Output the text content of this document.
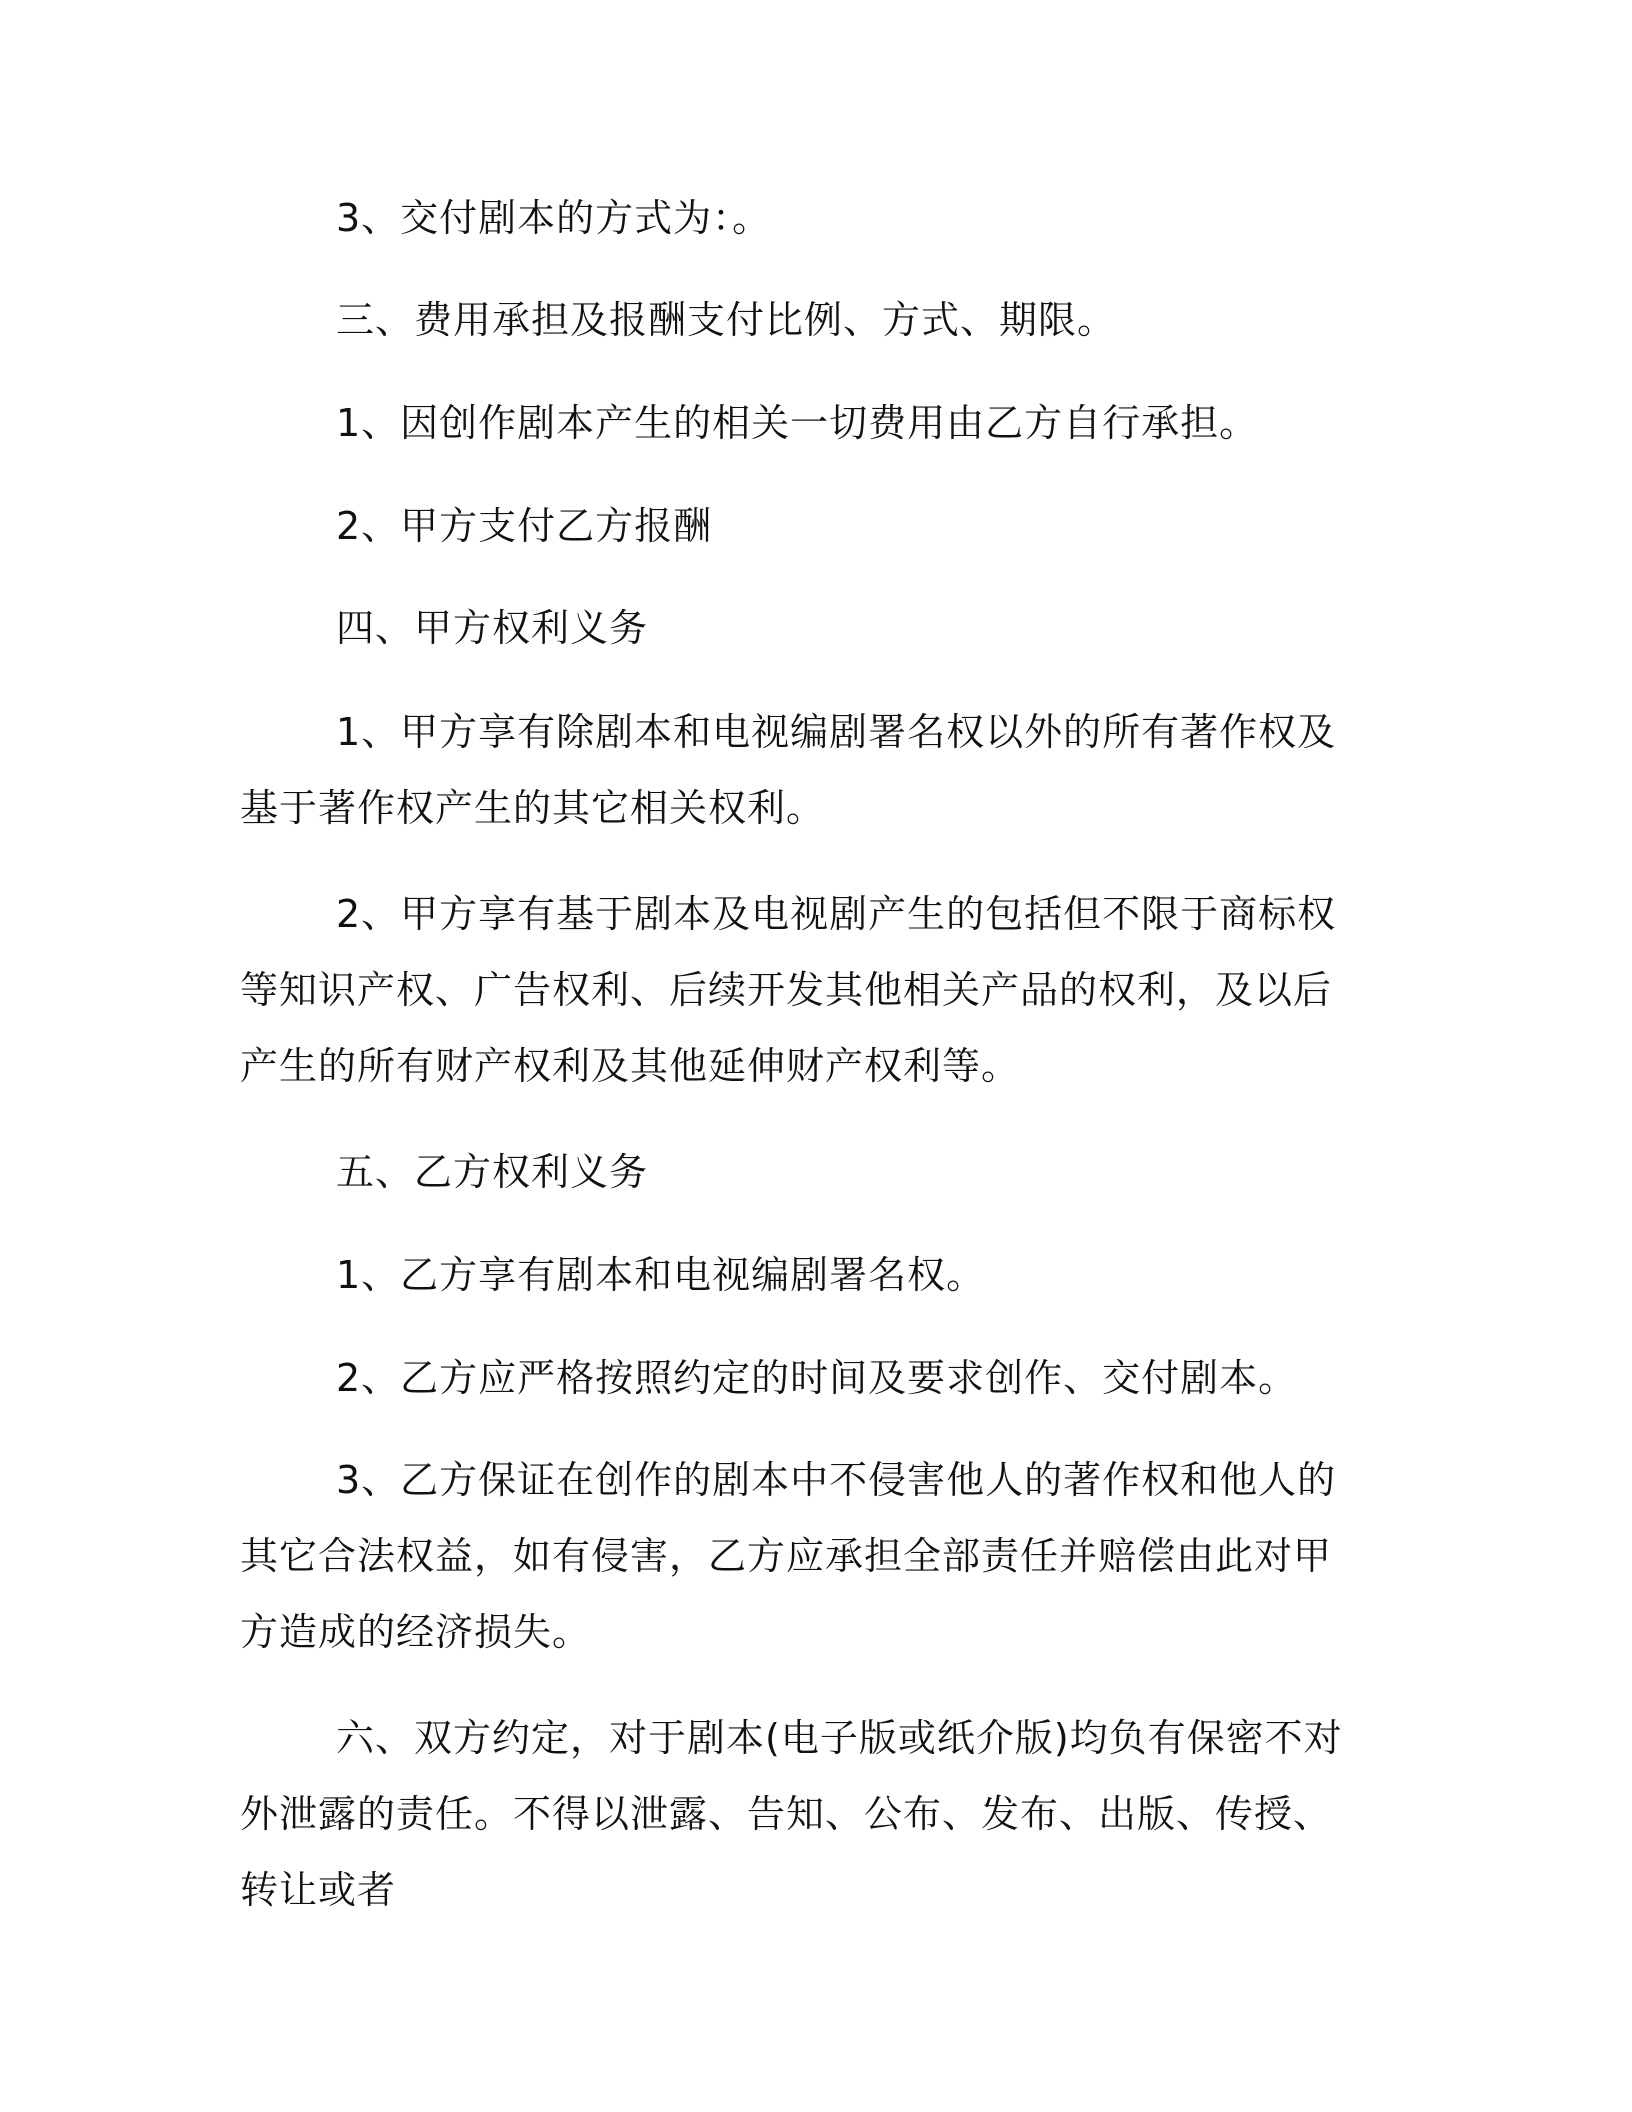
3、交付剧本的方式为：。

三、费用承担及报酬支付比例、方式、期限。

1、因创作剧本产生的相关一切费用由乙方自行承担。

2、甲方支付乙方报酬

四、甲方权利义务

1、甲方享有除剧本和电视编剧署名权以外的所有著作权及基于著作权产生的其它相关权利。

2、甲方享有基于剧本及电视剧产生的包括但不限于商标权等知识产权、广告权利、后续开发其他相关产品的权利，及以后产生的所有财产权利及其他延伸财产权利等。

五、乙方权利义务

1、乙方享有剧本和电视编剧署名权。

2、乙方应严格按照约定的时间及要求创作、交付剧本。

3、乙方保证在创作的剧本中不侵害他人的著作权和他人的其它合法权益，如有侵害，乙方应承担全部责任并赔偿由此对甲方造成的经济损失。

六、双方约定，对于剧本(电子版或纸介版)均负有保密不对外泄露的责任。不得以泄露、告知、公布、发布、出版、传授、转让或者
